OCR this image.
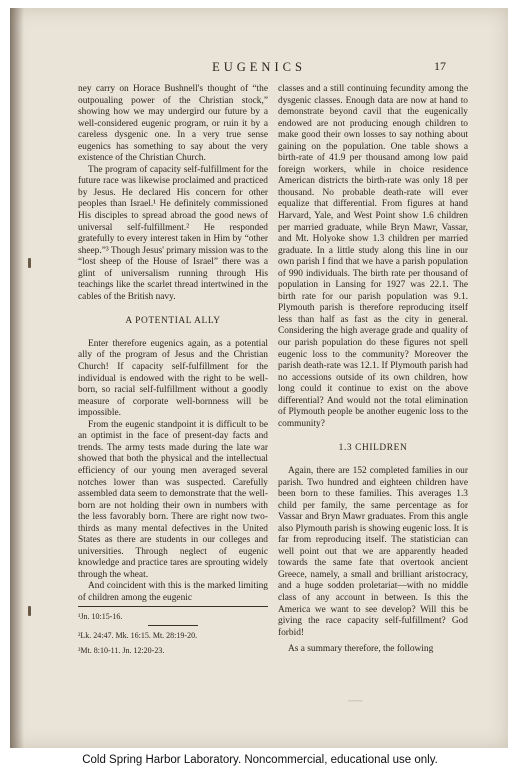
EUGENICS	17

ney carry on Horace Bushnell's thought of “the outpoualing power of the Christian stock,” showing how we may undergird our future by a well-considered eugenic program, or ruin it by a careless dysgenic one. In a very true sense eugenics has something to say about the very existence of the Christian Church.

The program of capacity self-fulfillment for the future race was likewise proclaimed and practiced by Jesus. He declared His concern for other peoples than Israel.¹ He definitely commissioned His disciples to spread abroad the good news of universal self-fulfillment.² He responded gratefully to every interest taken in Him by “other sheep.”³ Though Jesus' primary mission was to the “lost sheep of the House of Israel” there was a glint of universalism running through His teachings like the scarlet thread intertwined in the cables of the British navy.

A POTENTIAL ALLY

Enter therefore eugenics again, as a potential ally of the program of Jesus and the Christian Church! If capacity self-fulfillment for the individual is endowed with the right to be well-born, so racial self-fulfillment without a goodly measure of corporate well-bornness will be impossible.

From the eugenic standpoint it is difficult to be an optimist in the face of present-day facts and trends. The army tests made during the late war showed that both the physical and the intellectual efficiency of our young men averaged several notches lower than was suspected. Carefully assembled data seem to demonstrate that the well-born are not holding their own in numbers with the less favorably born. There are right now two-thirds as many mental defectives in the United States as there are students in our colleges and universities. Through neglect of eugenic knowledge and practice tares are sprouting widely through the wheat.

And coincident with this is the marked limiting of children among the eugenic

¹Jn. 10:15-16.

²Lk. 24:47. Mk. 16:15. Mt. 28:19-20.

³Mt. 8:10-11. Jn. 12:20-23.

classes and a still continuing fecundity among the dysgenic classes. Enough data are now at hand to demonstrate beyond cavil that the eugenically endowed are not producing enough children to make good their own losses to say nothing about gaining on the population. One table shows a birth-rate of 41.9 per thousand among low paid foreign workers, while in choice residence American districts the birth-rate was only 18 per thousand. No probable death-rate will ever equalize that differential. From figures at hand Harvard, Yale, and West Point show 1.6 children per married graduate, while Bryn Mawr, Vassar, and Mt. Holyoke show 1.3 children per married graduate. In a little study along this line in our own parish I find that we have a parish population of 990 individuals. The birth rate per thousand of population in Lansing for 1927 was 22.1. The birth rate for our parish population was 9.1. Plymouth parish is therefore reproducing itself less than half as fast as the city in general. Considering the high average grade and quality of our parish population do these figures not spell eugenic loss to the community? Moreover the parish death-rate was 12.1. If Plymouth parish had no accessions outside of its own children, how long could it continue to exist on the above differential? And would not the total elimination of Plymouth people be another eugenic loss to the community?

1.3 CHILDREN

Again, there are 152 completed families in our parish. Two hundred and eighteen children have been born to these families. This averages 1.3 child per family, the same percentage as for Vassar and Bryn Mawr graduates. From this angle also Plymouth parish is showing eugenic loss. It is far from reproducing itself. The statistician can well point out that we are apparently headed towards the same fate that overtook ancient Greece, namely, a small and brilliant aristocracy, and a huge sodden proletariat—with no middle class of any account in between. Is this the America we want to see develop? Will this be giving the race capacity self-fulfillment? God forbid!

As a summary therefore, the following

~~~
Cold Spring Harbor Laboratory. Noncommercial, educational use only.
